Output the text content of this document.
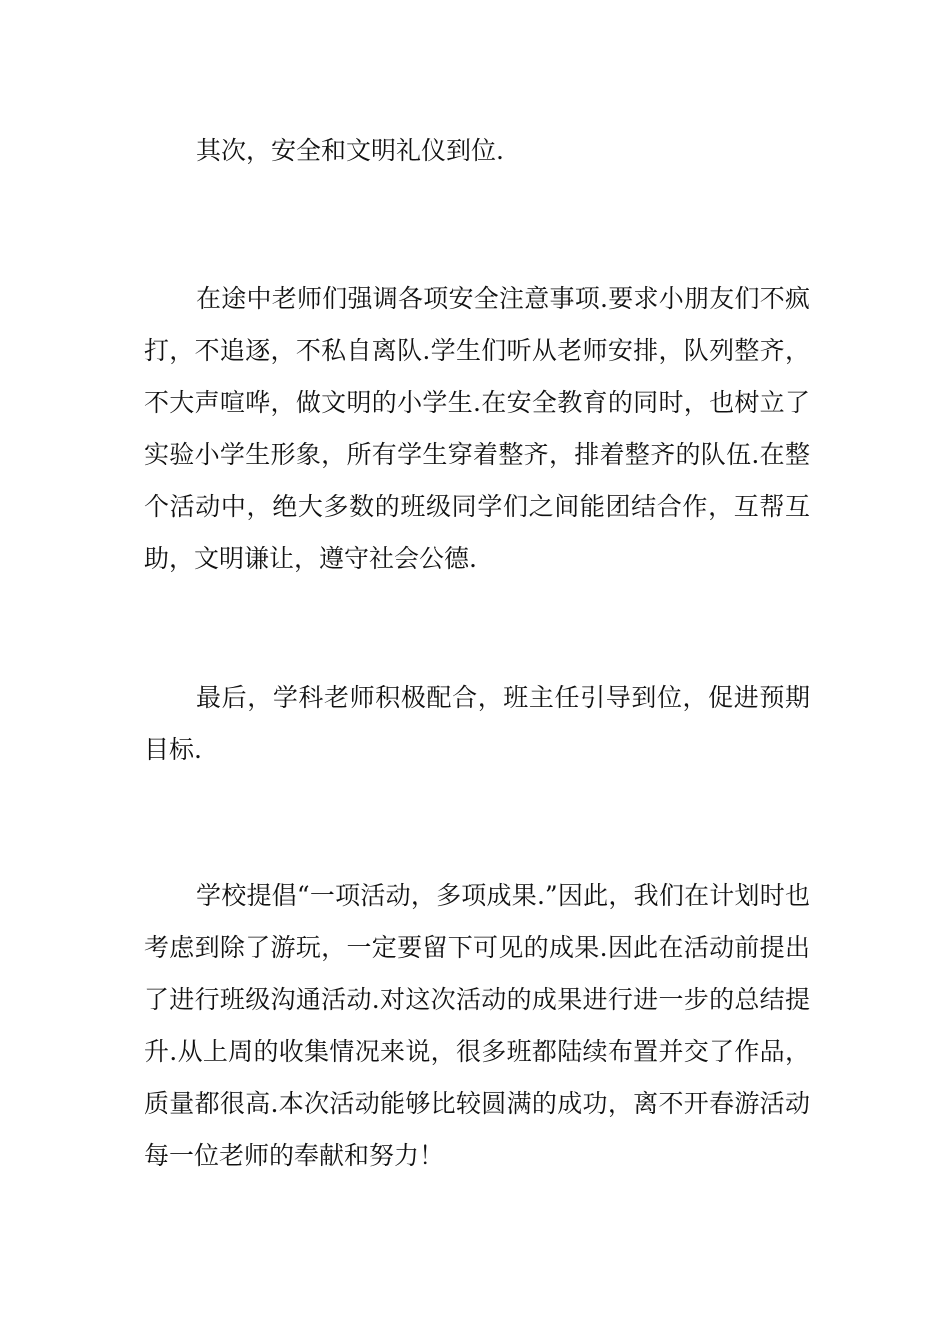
其次，安全和文明礼仪到位.

在途中老师们强调各项安全注意事项.要求小朋友们不疯打，不追逐，不私自离队.学生们听从老师安排，队列整齐，不大声喧哗，做文明的小学生.在安全教育的同时，也树立了实验小学生形象，所有学生穿着整齐，排着整齐的队伍.在整个活动中，绝大多数的班级同学们之间能团结合作，互帮互助，文明谦让，遵守社会公德.

最后，学科老师积极配合，班主任引导到位，促进预期目标.

学校提倡“一项活动，多项成果.”因此，我们在计划时也考虑到除了游玩，一定要留下可见的成果.因此在活动前提出了进行班级沟通活动.对这次活动的成果进行进一步的总结提升.从上周的收集情况来说，很多班都陆续布置并交了作品，质量都很高.本次活动能够比较圆满的成功，离不开春游活动每一位老师的奉献和努力！
